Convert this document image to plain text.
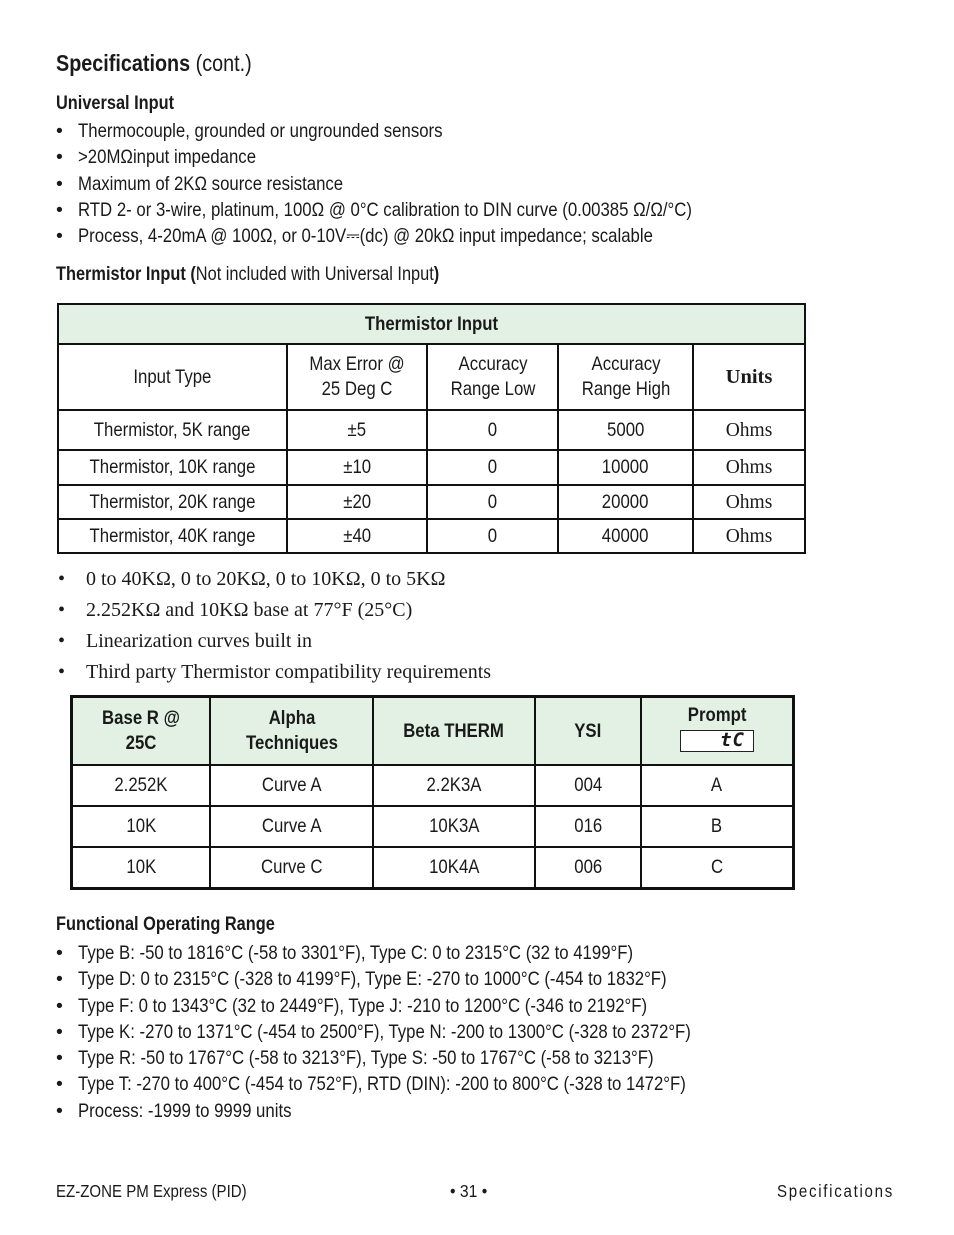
Specifications (cont.)
Universal Input
• Thermocouple, grounded or ungrounded sensors
• >20MΩinput impedance
• Maximum of 2KΩ source resistance
• RTD 2- or 3-wire, platinum, 100Ω @ 0°C calibration to DIN curve (0.00385 Ω/Ω/°C)
• Process, 4-20mA @ 100Ω, or 0-10V⎓(dc) @ 20kΩ input impedance; scalable
Thermistor Input (Not included with Universal Input)
Thermistor Input				
Input Type	Max Error @ 25 Deg C	Accuracy Range Low	Accuracy Range High	Units
Thermistor, 5K range	±5	0	5000	Ohms
Thermistor, 10K range	±10	0	10000	Ohms
Thermistor, 20K range	±20	0	20000	Ohms
Thermistor, 40K range	±40	0	40000	Ohms
• 0 to 40KΩ, 0 to 20KΩ, 0 to 10KΩ, 0 to 5KΩ
• 2.252KΩ and 10KΩ base at 77°F (25°C)
• Linearization curves built in
• Third party Thermistor compatibility requirements
Base R @ 25C	Alpha Techniques	Beta THERM	YSI	Prompt

tC

2.252K	Curve A	2.2K3A	004	A
10K	Curve A	10K3A	016	B
10K	Curve C	10K4A	006	C
Functional Operating Range
• Type B: -50 to 1816°C (-58 to 3301°F), Type C: 0 to 2315°C (32 to 4199°F)
• Type D: 0 to 2315°C (-328 to 4199°F), Type E: -270 to 1000°C (-454 to 1832°F)
• Type F: 0 to 1343°C (32 to 2449°F), Type J: -210 to 1200°C (-346 to 2192°F)
• Type K: -270 to 1371°C (-454 to 2500°F), Type N: -200 to 1300°C (-328 to 2372°F)
• Type R: -50 to 1767°C (-58 to 3213°F), Type S: -50 to 1767°C (-58 to 3213°F)
• Type T: -270 to 400°C (-454 to 752°F), RTD (DIN): -200 to 800°C (-328 to 1472°F)
• Process: -1999 to 9999 units
EZ-ZONE PM Express (PID)	• 31 •	Specifications
